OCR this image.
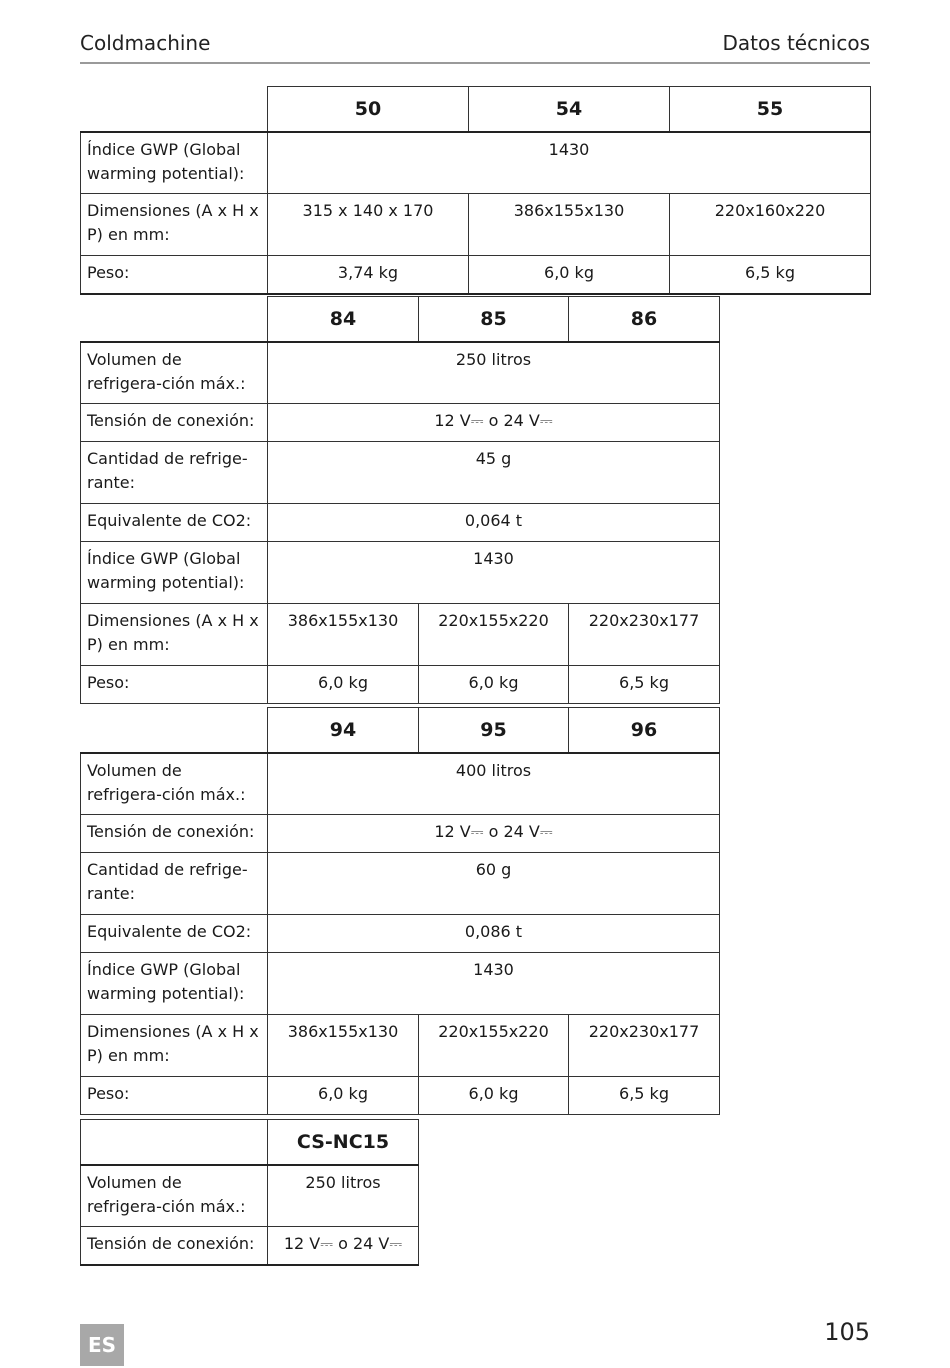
Coldmachine	Datos técnicos
	50	54	55
Índice GWP (Global warming potential):	1430		
Dimensiones (A x H x P) en mm:	315 x 140 x 170	386x155x130	220x160x220
Peso:	3,74 kg	6,0 kg	6,5 kg
	84	85	86
Volumen de refrigera-ción máx.:	250 litros		
Tensión de conexión:	12 V⎓ o 24 V⎓		
Cantidad de refrige-rante:	45 g		
Equivalente de CO2:	0,064 t		
Índice GWP (Global warming potential):	1430		
Dimensiones (A x H x P) en mm:	386x155x130	220x155x220	220x230x177
Peso:	6,0 kg	6,0 kg	6,5 kg
	94	95	96
Volumen de refrigera-ción máx.:	400 litros		
Tensión de conexión:	12 V⎓ o 24 V⎓		
Cantidad de refrige-rante:	60 g		
Equivalente de CO2:	0,086 t		
Índice GWP (Global warming potential):	1430		
Dimensiones (A x H x P) en mm:	386x155x130	220x155x220	220x230x177
Peso:	6,0 kg	6,0 kg	6,5 kg
	CS-NC15
Volumen de refrigera-ción máx.:	250 litros
Tensión de conexión:	12 V⎓ o 24 V⎓
ES	105
